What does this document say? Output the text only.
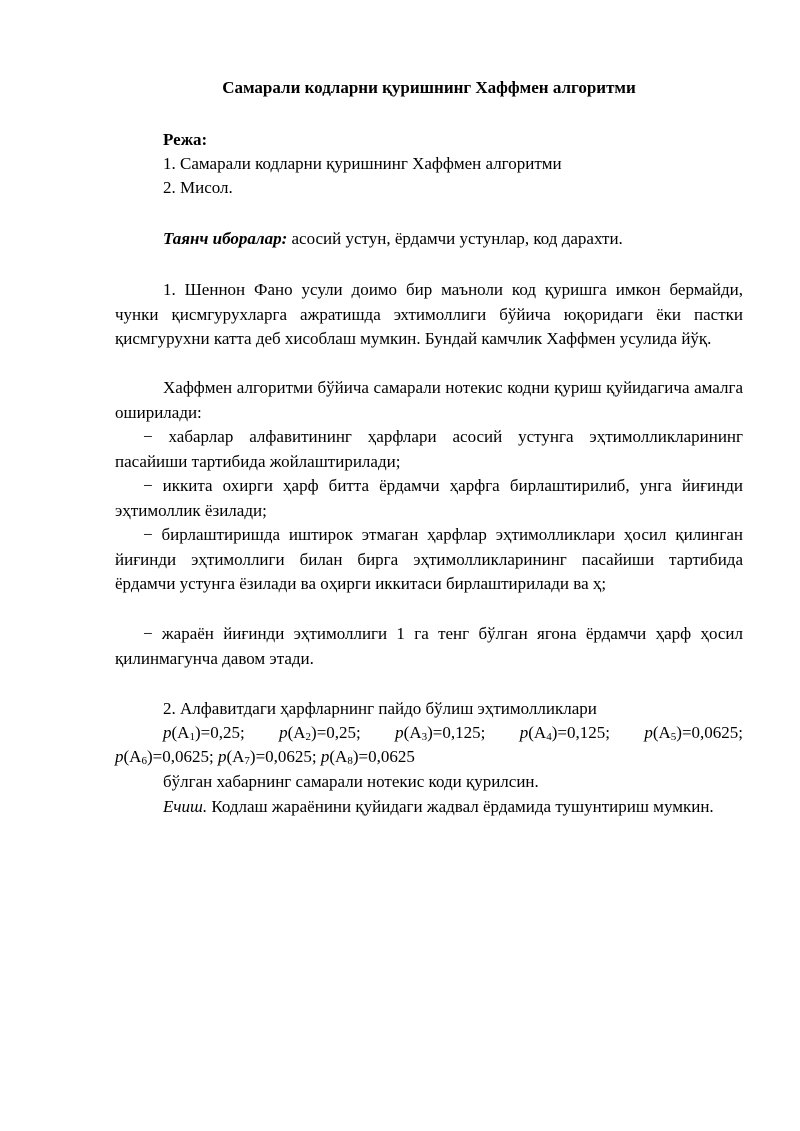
Самарали кодларни қуришнинг Хаффмен алгоритми
Режа:
1. Самарали кодларни қуришнинг Хаффмен алгоритми
2. Мисол.
Таянч иборалар: асосий устун, ёрдамчи устунлар, код дарахти.
1. Шеннон Фано усули доимо бир маъноли код қуришга имкон бермайди, чунки қисмгурухларга ажратишда эхтимоллиги бўйича юқоридаги ёки пастки қисмгурухни катта деб хисоблаш мумкин. Бундай камчлик Хаффмен усулида йўқ.
Хаффмен алгоритми бўйича самарали нотекис кодни қуриш қуйидагича амалга оширилади:
− хабарлар алфавитининг ҳарфлари асосий устунга эҳтимолликларининг пасайиши тартибида жойлаштирилади;
− иккита охирги ҳарф битта ёрдамчи ҳарфга бирлаштирилиб, унга йиғинди эҳтимоллик ёзилади;
− бирлаштиришда иштирок этмаган ҳарфлар эҳтимолликлари ҳосил қилинган йиғинди эҳтимоллиги билан бирга эҳтимолликларининг пасайиши тартибида ёрдамчи устунга ёзилади ва оҳирги иккитаси бирлаштирилади ва ҳ;
− жараён йиғинди эҳтимоллиги 1 га тенг бўлган ягона ёрдамчи ҳарф ҳосил қилинмагунча давом этади.
2. Алфавитдаги ҳарфларнинг пайдо бўлиш эҳтимолликлари
$p(A_1)=0,25$; $p(A_2)=0,25$; $p(A_3)=0,125$; $p(A_4)=0,125$; $p(A_5)=0,0625$;
$p(A_6)=0,0625$; $p(A_7)=0,0625$; $p(A_8)=0,0625$
бўлган хабарнинг самарали нотекис коди қурилсин.
Ечиш. Кодлаш жараёнини қуйидаги жадвал ёрдамида тушунтириш мумкин.
